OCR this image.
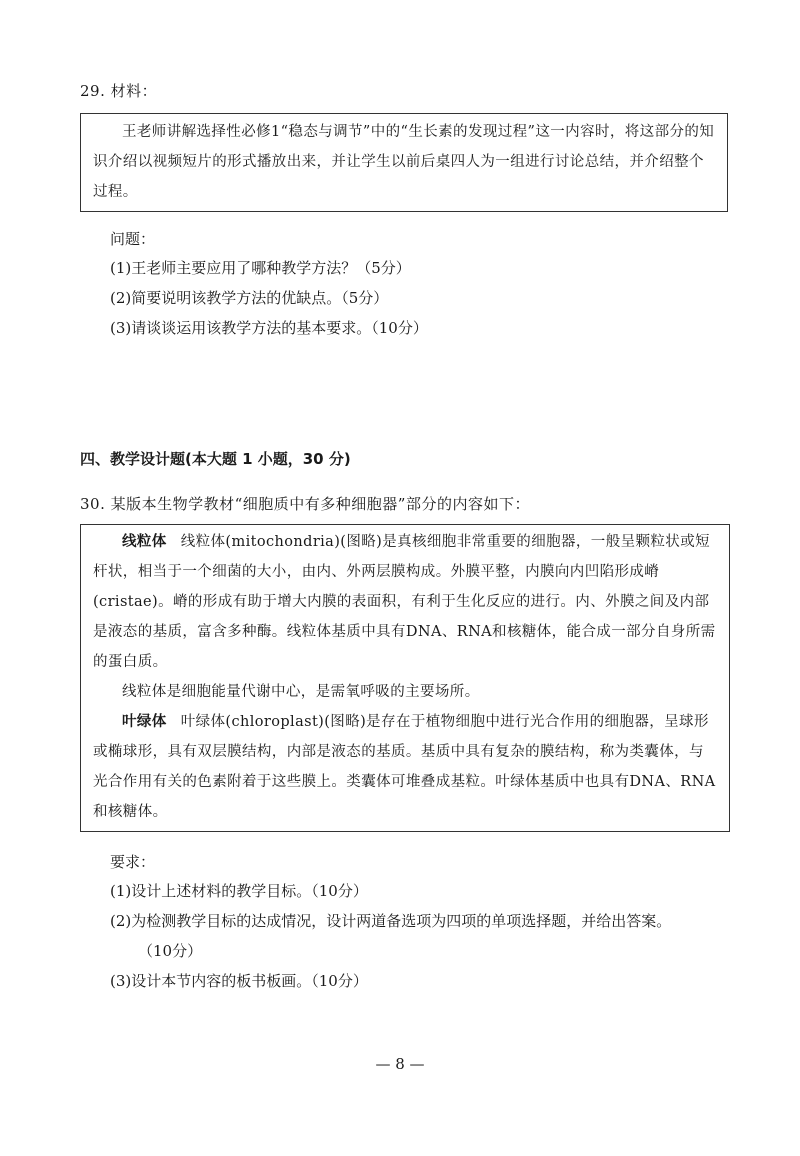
29. 材料：

王老师讲解选择性必修1“稳态与调节”中的“生长素的发现过程”这一内容时，将这部分的知识介绍以视频短片的形式播放出来，并让学生以前后桌四人为一组进行讨论总结，并介绍整个过程。

问题：
(1)王老师主要应用了哪种教学方法？（5分）
(2)简要说明该教学方法的优缺点。（5分）
(3)请谈谈运用该教学方法的基本要求。（10分）
四、教学设计题(本大题 1 小题，30 分)
30. 某版本生物学教材“细胞质中有多种细胞器”部分的内容如下：

线粒体 线粒体(mitochondria)(图略)是真核细胞非常重要的细胞器，一般呈颗粒状或短杆状，相当于一个细菌的大小，由内、外两层膜构成。外膜平整，内膜向内凹陷形成嵴(cristae)。嵴的形成有助于增大内膜的表面积，有利于生化反应的进行。内、外膜之间及内部是液态的基质，富含多种酶。线粒体基质中具有DNA、RNA和核糖体，能合成一部分自身所需的蛋白质。

线粒体是细胞能量代谢中心，是需氧呼吸的主要场所。

叶绿体 叶绿体(chloroplast)(图略)是存在于植物细胞中进行光合作用的细胞器，呈球形或椭球形，具有双层膜结构，内部是液态的基质。基质中具有复杂的膜结构，称为类囊体，与光合作用有关的色素附着于这些膜上。类囊体可堆叠成基粒。叶绿体基质中也具有DNA、RNA和核糖体。

要求：
(1)设计上述材料的教学目标。（10分）
(2)为检测教学目标的达成情况，设计两道备选项为四项的单项选择题，并给出答案。
（10分）
(3)设计本节内容的板书板画。（10分）
— 8 —
